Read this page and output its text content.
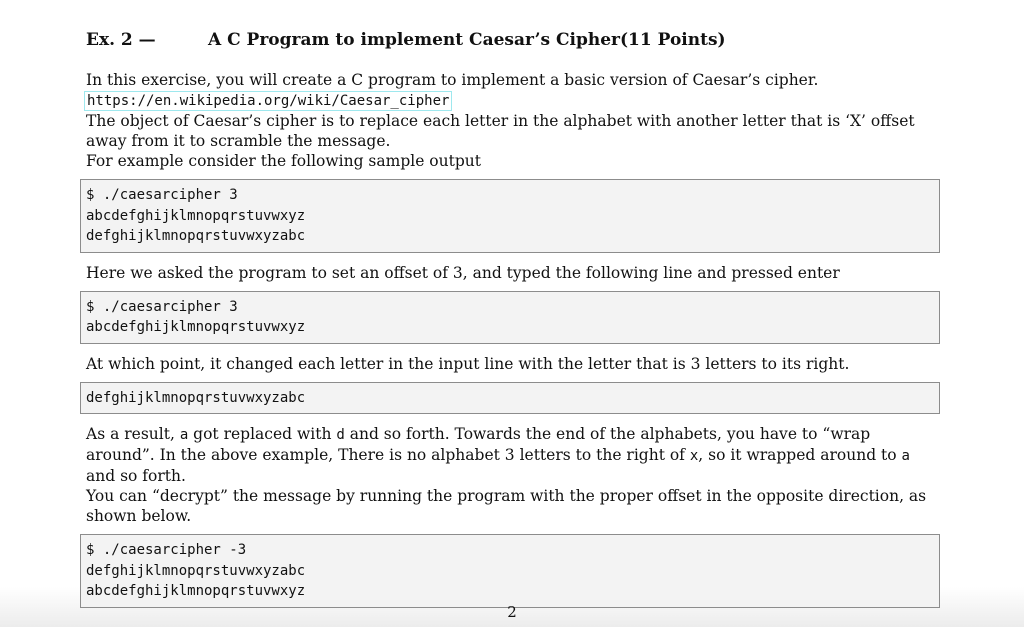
Ex. 2 —	A C Program to implement Caesar’s Cipher(11 Points)

In this exercise, you will create a C program to implement a basic version of Caesar’s cipher.

https://en.wikipedia.org/wiki/Caesar_cipher

The object of Caesar’s cipher is to replace each letter in the alphabet with another letter that is ‘X’ offset away from it to scramble the message.

For example consider the following sample output

$ ./caesarcipher 3
abcdefghijklmnopqrstuvwxyz
defghijklmnopqrstuvwxyzabc

Here we asked the program to set an offset of 3, and typed the following line and pressed enter

$ ./caesarcipher 3
abcdefghijklmnopqrstuvwxyz

At which point, it changed each letter in the input line with the letter that is 3 letters to its right.

defghijklmnopqrstuvwxyzabc

As a result, a got replaced with d and so forth. Towards the end of the alphabets, you have to “wrap around”. In the above example, There is no alphabet 3 letters to the right of x, so it wrapped around to a and so forth.

You can “decrypt” the message by running the program with the proper offset in the opposite direction, as shown below.

$ ./caesarcipher -3
defghijklmnopqrstuvwxyzabc
abcdefghijklmnopqrstuvwxyz
2
